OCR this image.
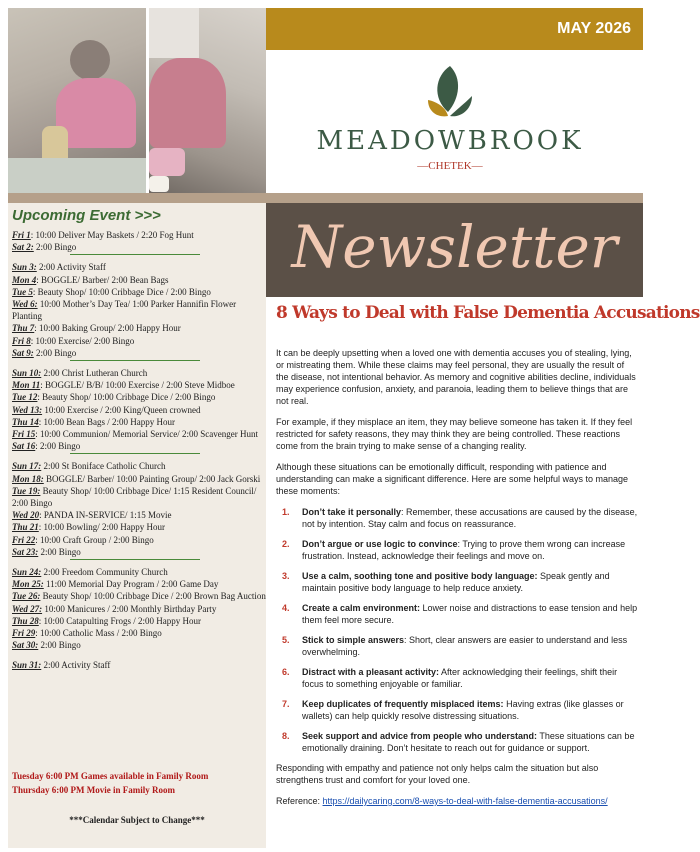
MAY 2026
MEADOWBROOK
—CHETEK—
Newsletter
Upcoming Event >>>
Fri 1: 10:00 Deliver May Baskets / 2:20 Fog Hunt
Sat 2: 2:00 Bingo
Sun 3: 2:00 Activity Staff
Mon 4: BOGGLE/ Barber/ 2:00 Bean Bags
Tue 5: Beauty Shop/ 10:00 Cribbage Dice / 2:00 Bingo
Wed 6: 10:00 Mother’s Day Tea/ 1:00 Parker Hannifin Flower
Planting
Thu 7: 10:00 Baking Group/ 2:00 Happy Hour
Fri 8: 10:00 Exercise/ 2:00 Bingo
Sat 9: 2:00 Bingo
Sun 10: 2:00 Christ Lutheran Church
Mon 11: BOGGLE/ B/B/ 10:00 Exercise / 2:00 Steve Midboe
Tue 12: Beauty Shop/ 10:00 Cribbage Dice / 2:00 Bingo
Wed 13: 10:00 Exercise / 2:00 King/Queen crowned
Thu 14: 10:00 Bean Bags / 2:00 Happy Hour
Fri 15: 10:00 Communion/ Memorial Service/ 2:00 Scavenger Hunt
Sat 16: 2:00 Bingo
Sun 17: 2:00 St Boniface Catholic Church
Mon 18: BOGGLE/ Barber/ 10:00 Painting Group/ 2:00 Jack Gorski
Tue 19: Beauty Shop/ 10:00 Cribbage Dice/ 1:15 Resident Council/
2:00 Bingo
Wed 20: PANDA IN-SERVICE/ 1:15 Movie
Thu 21: 10:00 Bowling/ 2:00 Happy Hour
Fri 22: 10:00 Craft Group / 2:00 Bingo
Sat 23: 2:00 Bingo
Sun 24: 2:00 Freedom Community Church
Mon 25: 11:00 Memorial Day Program / 2:00 Game Day
Tue 26: Beauty Shop/ 10:00 Cribbage Dice / 2:00 Brown Bag Auction
Wed 27: 10:00 Manicures / 2:00 Monthly Birthday Party
Thu 28: 10:00 Catapulting Frogs / 2:00 Happy Hour
Fri 29: 10:00 Catholic Mass / 2:00 Bingo
Sat 30: 2:00 Bingo
Sun 31: 2:00 Activity Staff
Tuesday 6:00 PM Games available in Family Room
Thursday 6:00 PM Movie in Family Room
***Calendar Subject to Change***
8 Ways to Deal with False Dementia Accusations

It can be deeply upsetting when a loved one with dementia accuses you of stealing, lying, or mistreating them. While these claims may feel personal, they are usually the result of the disease, not intentional behavior. As memory and cognitive abilities decline, individuals may experience confusion, anxiety, and paranoia, leading them to believe things that are not real.

For example, if they misplace an item, they may believe someone has taken it. If they feel restricted for safety reasons, they may think they are being controlled. These reactions come from the brain trying to make sense of a changing reality.

Although these situations can be emotionally difficult, responding with patience and understanding can make a significant difference. Here are some helpful ways to manage these moments:

1. Don’t take it personally: Remember, these accusations are caused by the disease, not by intention. Stay calm and focus on reassurance.
2. Don’t argue or use logic to convince: Trying to prove them wrong can increase frustration. Instead, acknowledge their feelings and move on.
3. Use a calm, soothing tone and positive body language: Speak gently and maintain positive body language to help reduce anxiety.
4. Create a calm environment: Lower noise and distractions to ease tension and help them feel more secure.
5. Stick to simple answers: Short, clear answers are easier to understand and less overwhelming.
6. Distract with a pleasant activity: After acknowledging their feelings, shift their focus to something enjoyable or familiar.
7. Keep duplicates of frequently misplaced items: Having extras (like glasses or wallets) can help quickly resolve distressing situations.
8. Seek support and advice from people who understand: These situations can be emotionally draining. Don’t hesitate to reach out for guidance or support.

Responding with empathy and patience not only helps calm the situation but also strengthens trust and comfort for your loved one.

Reference: https://dailycaring.com/8-ways-to-deal-with-false-dementia-accusations/
